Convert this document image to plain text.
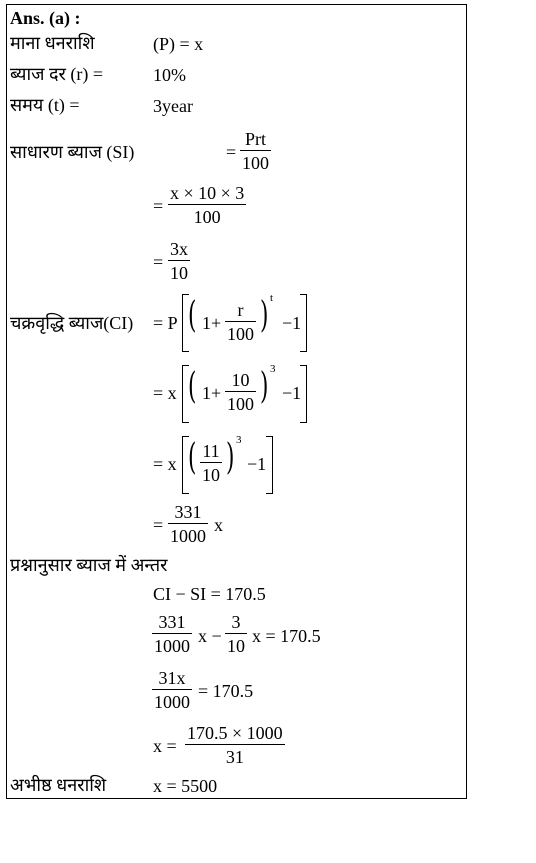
Ans. (a) :
माना धनराशि	(P) = x
ब्याज दर (r) =	10%
समय (t) =	3year
साधारण ब्याज (SI)	=
Prt
100
= $\frac{x \times 10 \times 3}{100}$
= $\frac{3x}{10}$
चक्रवृद्धि ब्याज(CI) = P ( $1+ \frac{r}{100}$ ) t
−1
= x ( $1+ \frac{10}{100}$ ) 3
−1
= x ( $\frac{11}{10}$ ) 3
−1
= $\frac{331}{1000}$ x
प्रश्नानुसार ब्याज में अन्तर
CI − SI = 170.5
$\frac{331}{1000}$ $x - \frac{3}{10}$ x = 170.5
$\frac{31x}{1000} = 170.5$
$x = \frac{170.5 \times 1000}{31}$
अभीष्ठ धनराशि	x = 5500
